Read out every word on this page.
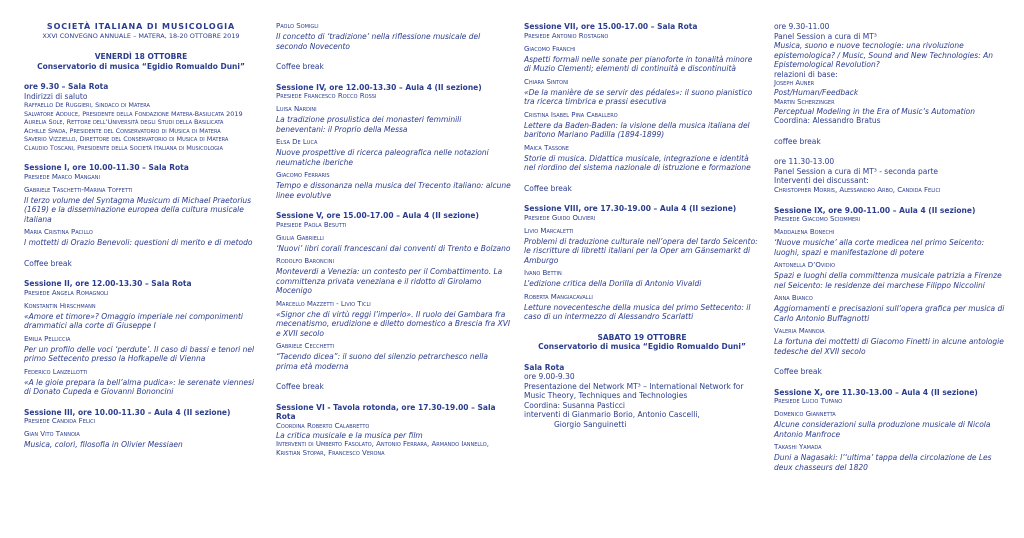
SOCIETÀ ITALIANA DI MUSICOLOGIA
XXVI CONVEGNO ANNUALE – MATERA, 18-20 OTTOBRE 2019
VENERDÌ 18 OTTOBRE
Conservatorio di musica “Egidio Romualdo Duni”
ore 9.30 – Sala Rota
Indirizzi di saluto
Raffaello De Ruggieri, Sindaco di Matera
Salvatore Adduce, Presidente della Fondazione Matera-Basilicata 2019
Aurelia Sole, Rettore dell’Università degli Studi della Basilicata
Achille Spada, Presidente del Conservatorio di Musica di Matera
Saverio Vizziello, Direttore del Conservatorio di Musica di Matera
Claudio Toscani, Presidente della Società Italiana di Musicologia
Sessione I, ore 10.00-11.30 – Sala Rota
Presiede Marco Mangani
Gabriele Taschetti-Marina Toffetti
Il terzo volume del Syntagma Musicum di Michael Praetorius (1619) e la disseminazione europea della cultura musicale italiana
Maria Cristina Pacillo
I mottetti di Orazio Benevoli: questioni di merito e di metodo
Coffee break
Sessione II, ore 12.00-13.30 – Sala Rota
Presiede Angela Romagnoli
Konstantin Hirschmann
«Amore et timore»? Omaggio imperiale nei componimenti drammatici alla corte di Giuseppe I
Emilia Pelliccia
Per un profilo delle voci ‘perdute’. Il caso di bassi e tenori nel primo Settecento presso la Hofkapelle di Vienna
Federico Lanzellotti
«A le gioie prepara la bell’alma pudica»: le serenate viennesi di Donato Cupeda e Giovanni Bononcini
Sessione III, ore 10.00-11.30 – Aula 4 (II sezione)
Presiede Candida Felici
Gian Vito Tannoia
Musica, colori, filosofia in Olivier Messiaen
Paolo Somigli
Il concetto di ‘tradizione’ nella riflessione musicale del secondo Novecento
Coffee break
Sessione IV, ore 12.00-13.30 – Aula 4 (II sezione)
Presiede Francesco Rocco Rossi
Luisa Nardini
La tradizione prosulistica dei monasteri femminili beneventani: il Proprio della Messa
Elsa De Luca
Nuove prospettive di ricerca paleografica nelle notazioni neumatiche iberiche
Giacomo Ferraris
Tempo e dissonanza nella musica del Trecento italiano: alcune linee evolutive
Sessione V, ore 15.00-17.00 – Aula 4 (II sezione)
Presiede Paola Besutti
Giulia Gabrielli
‘Nuovi’ libri corali francescani dai conventi di Trento e Bolzano
Rodolfo Baroncini
Monteverdi a Venezia: un contesto per il Combattimento. La committenza privata veneziana e il ridotto di Girolamo Mocenigo
Marcello Mazzetti - Livio Ticli
«Signor che di virtù reggi l’imperio». Il ruolo dei Gambara fra mecenatismo, erudizione e diletto domestico a Brescia fra XVI e XVII secolo
Gabriele Cecchetti
“Tacendo dicea”: il suono del silenzio petrarchesco nella prima età moderna
Coffee break
Sessione VI - Tavola rotonda, ore 17.30-19.00 – Sala Rota
Coordina Roberto Calabretto
La critica musicale e la musica per film
Interventi di Umberto Fasolato, Antonio Ferrara, Armando Iannello, Kristian Stopar, Francesco Verona
Sessione VII, ore 15.00-17.00 – Sala Rota
Presiede Antonio Rostagno
Giacomo Franchi
Aspetti formali nelle sonate per pianoforte in tonalità minore di Muzio Clementi; elementi di continuità e discontinuità
Chiara Sintoni
«De la manière de se servir des pédales»: il suono pianistico tra ricerca timbrica e prassi esecutiva
Cristina Isabel Pina Caballero
Lettere da Baden-Baden: la visione della musica italiana del baritono Mariano Padilla (1894-1899)
Maica Tassone
Storie di musica. Didattica musicale, integrazione e identità nel riordino del sistema nazionale di istruzione e formazione
Coffee break
Sessione VIII, ore 17.30-19.00 – Aula 4 (II sezione)
Presiede Guido Olivieri
Livio Marcaletti
Problemi di traduzione culturale nell’opera del tardo Seicento: le riscritture di libretti italiani per la Oper am Gänsemarkt di Amburgo
Ivano Bettin
L’edizione critica della Dorilla di Antonio Vivaldi
Roberta Mangiacavalli
Letture novecentesche della musica del primo Settecento: il caso di un intermezzo di Alessandro Scarlatti
SABATO 19 OTTOBRE
Conservatorio di musica “Egidio Romualdo Duni”
Sala Rota
ore 9.00-9.30
Presentazione del Network MT³ – International Network for Music Theory, Techniques and Technologies
Coordina: Susanna Pasticci
interventi di Gianmario Borio, Antonio Cascelli,
Giorgio Sanguinetti
ore 9.30-11.00
Panel Session a cura di MT³
Musica, suono e nuove tecnologie: una rivoluzione epistemologica? / Music, Sound and New Technologies: An Epistemological Revolution?
relazioni di base:
Joseph Auner
Post/Human/Feedback
Martin Scherzinger
Perceptual Modeling in the Era of Music’s Automation
Coordina: Alessandro Bratus
coffee break
ore 11.30-13.00
Panel Session a cura di MT³ - seconda parte
Interventi dei discussant:
Christopher Morris, Alessandro Arbo, Candida Felici
Sessione IX, ore 9.00-11.00 – Aula 4 (II sezione)
Presiede Giacomo Sciommeri
Maddalena Bonechi
‘Nuove musiche’ alla corte medicea nel primo Seicento: luoghi, spazi e manifestazione di potere
Antonella D’Ovidio
Spazi e luoghi della committenza musicale patrizia a Firenze nel Seicento: le residenze dei marchese Filippo Niccolini
Anna Bianco
Aggiornamenti e precisazioni sull’opera grafica per musica di Carlo Antonio Buffagnotti
Valeria Mannoia
La fortuna dei mottetti di Giacomo Finetti in alcune antologie tedesche del XVII secolo
Coffee break
Sessione X, ore 11.30-13.00 – Aula 4 (II sezione)
Presiede Lucio Tufano
Domenico Giannetta
Alcune considerazioni sulla produzione musicale di Nicola Antonio Manfroce
Takashi Yamada
Duni a Nagasaki: l’‘ultima’ tappa della circolazione de Les deux chasseurs del 1820
